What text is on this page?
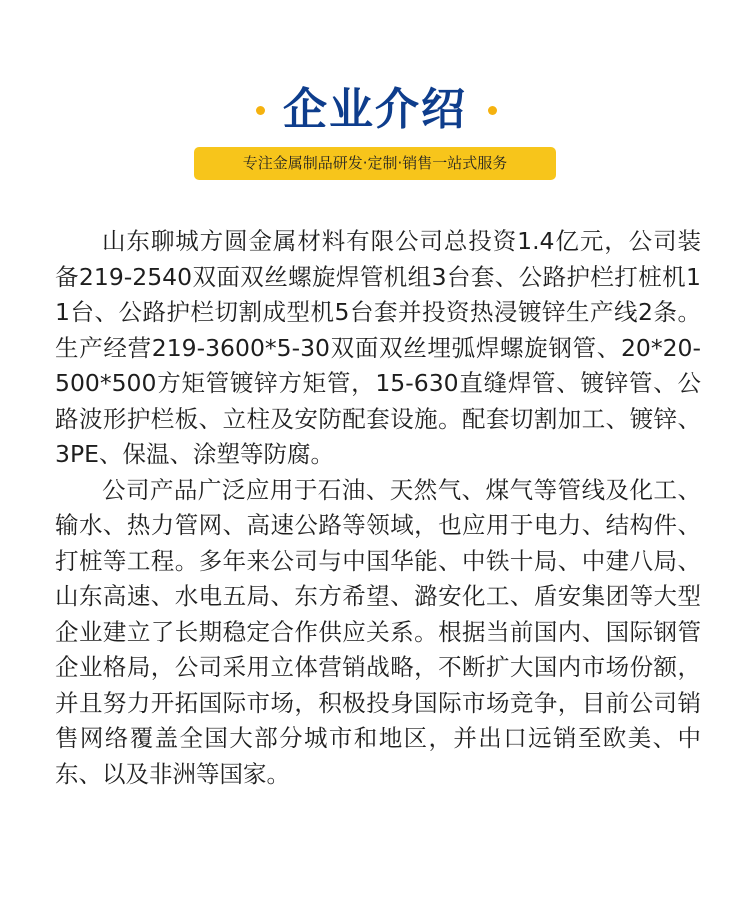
企业介绍
专注金属制品研发·定制·销售一站式服务

山东聊城方圆金属材料有限公司总投资1.4亿元，公司装备219-2540双面双丝螺旋焊管机组3台套、公路护栏打桩机11台、公路护栏切割成型机5台套并投资热浸镀锌生产线2条。生产经营219-3600*5-30双面双丝埋弧焊螺旋钢管、20*20-500*500方矩管镀锌方矩管，15-630直缝焊管、镀锌管、公路波形护栏板、立柱及安防配套设施。配套切割加工、镀锌、3PE、保温、涂塑等防腐。

公司产品广泛应用于石油、天然气、煤气等管线及化工、输水、热力管网、高速公路等领域，也应用于电力、结构件、打桩等工程。多年来公司与中国华能、中铁十局、中建八局、山东高速、水电五局、东方希望、潞安化工、盾安集团等大型企业建立了长期稳定合作供应关系。根据当前国内、国际钢管企业格局，公司采用立体营销战略，不断扩大国内市场份额，并且努力开拓国际市场，积极投身国际市场竞争，目前公司销售网络覆盖全国大部分城市和地区，并出口远销至欧美、中东、以及非洲等国家。
